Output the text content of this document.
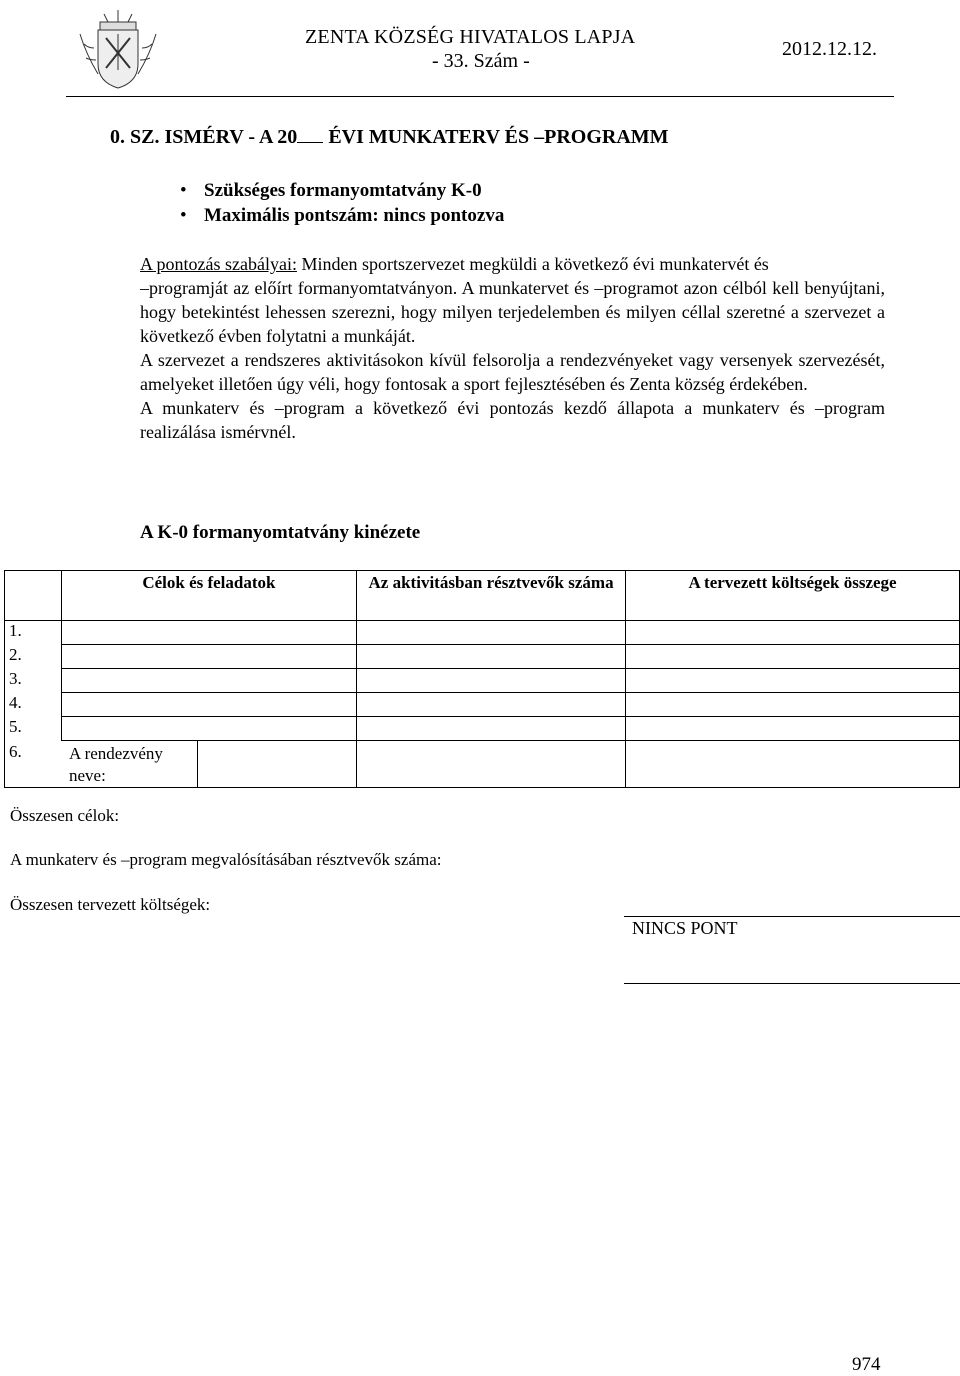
ZENTA KÖZSÉG HIVATALOS LAPJA
- 33. Szám -
2012.12.12.
0. SZ. ISMÉRV - A 20 ÉVI MUNKATERV ÉS –PROGRAMM
• Szükséges formanyomtatvány K-0
• Maximális pontszám: nincs pontozva

A pontozás szabályai: Minden sportszervezet megküldi a következő évi munkatervét és

–programját az előírt formanyomtatványon. A munkatervet és –programot azon célból kell benyújtani, hogy betekintést lehessen szerezni, hogy milyen terjedelemben és milyen céllal szeretné a szervezet a következő évben folytatni a munkáját.

A szervezet a rendszeres aktivitásokon kívül felsorolja a rendezvényeket vagy versenyek szervezését, amelyeket illetően úgy véli, hogy fontosak a sport fejlesztésében és Zenta község érdekében.

A munkaterv és –program a következő évi pontozás kezdő állapota a munkaterv és –program realizálása ismérvnél.

A K-0 formanyomtatvány kinézete
	Célok és feladatok	Az aktivitásban résztvevők száma	A tervezett költségek összege
1.			
2.			
3.			
4.			
5.			

6. A rendezvény neve:			

Összesen célok:
A munkaterv és –program megvalósításában résztvevők száma:
Összesen tervezett költségek:
NINCS PONT
974
